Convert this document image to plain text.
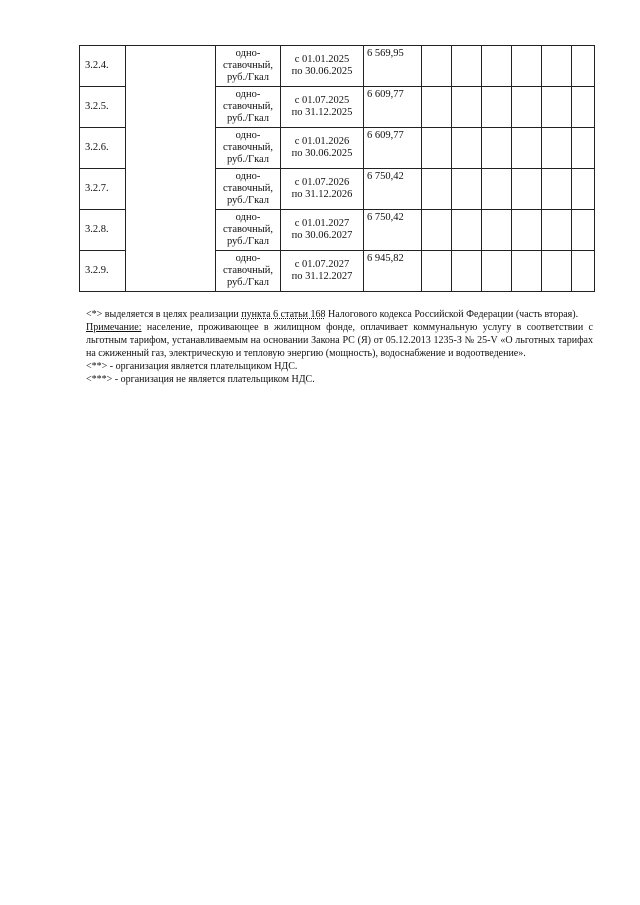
3.2.4.		одно-
ставочный,
руб./Гкал	с 01.01.2025
по 30.06.2025	6 569,95						
3.2.5.		одно-
ставочный,
руб./Гкал	с 01.07.2025
по 31.12.2025	6 609,77						
3.2.6.		одно-
ставочный,
руб./Гкал	с 01.01.2026
по 30.06.2025	6 609,77						
3.2.7.		одно-
ставочный,
руб./Гкал	с 01.07.2026
по 31.12.2026	6 750,42						
3.2.8.		одно-
ставочный,
руб./Гкал	с 01.01.2027
по 30.06.2027	6 750,42						
3.2.9.		одно-
ставочный,
руб./Гкал	с 01.07.2027
по 31.12.2027	6 945,82						

<*> выделяется в целях реализации пункта 6 статьи 168 Налогового кодекса Российской Федерации (часть вторая).

Примечание: население, проживающее в жилищном фонде, оплачивает коммунальную услугу в соответствии с льготным тарифом, устанавливаемым на основании Закона РС (Я) от 05.12.2013 1235-З № 25-V «О льготных тарифах на сжиженный газ, электрическую и тепловую энергию (мощность), водоснабжение и водоотведение».

<**> - организация является плательщиком НДС.

<***> - организация не является плательщиком НДС.
